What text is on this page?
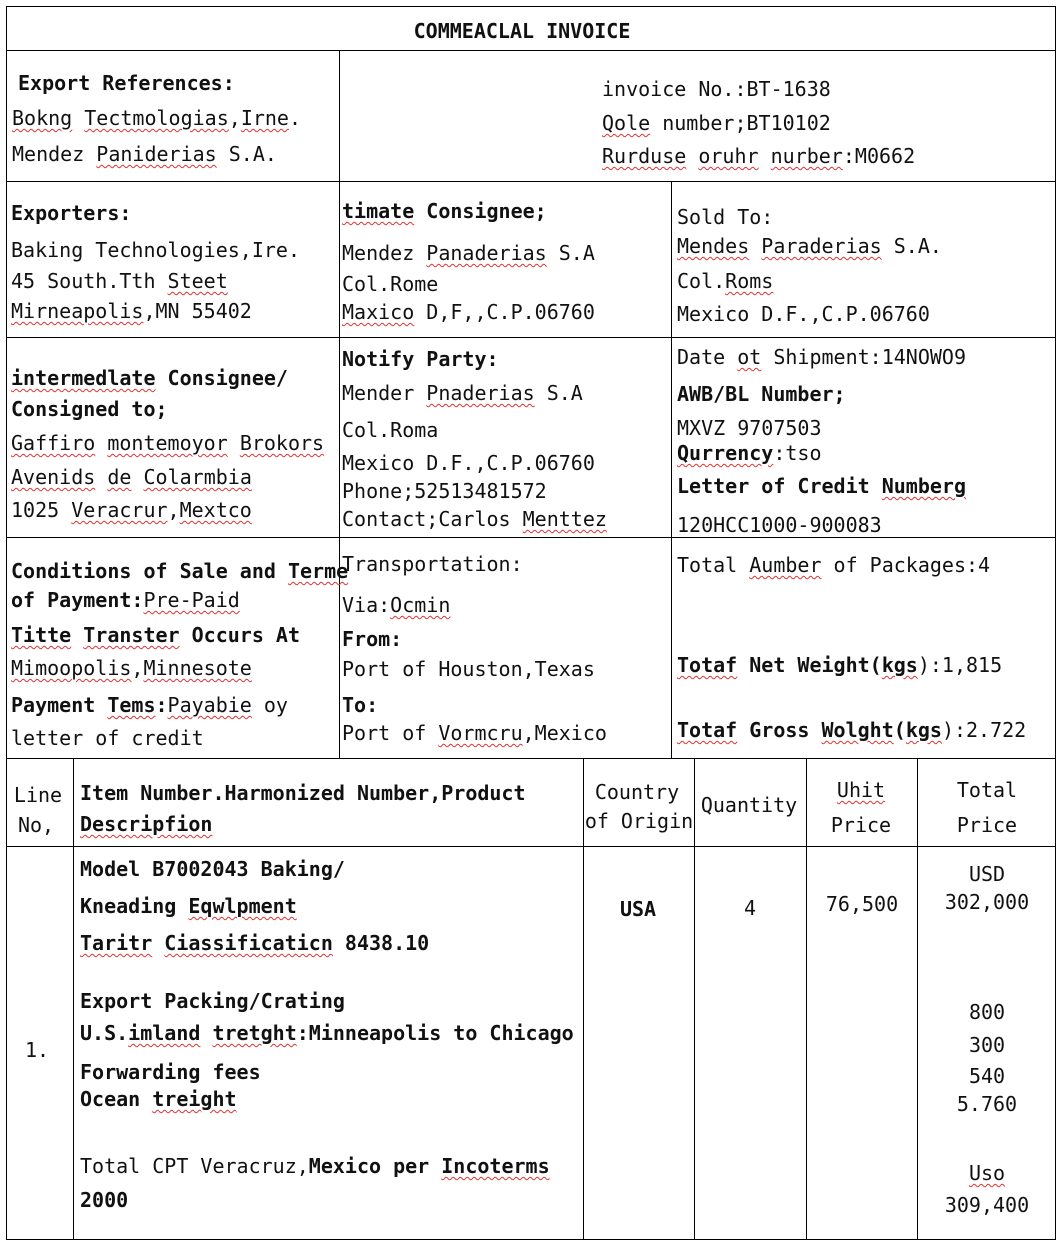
COMMEACLAL INVOICE
Export References:
Bokng Tectmologias,Irne.
Mendez Paniderias S.A.
invoice No.:BT-1638
Qole number;BT10102
Rurduse oruhr nurber:M0662
Exporters:
Baking Technologies,Ire.
45 South.Tth Steet
Mirneapolis,MN 55402
timate Consignee;
Mendez Panaderias S.A
Col.Rome
Maxico D,F,,C.P.06760
Sold To:
Mendes Paraderias S.A.
Col.Roms
Mexico D.F.,C.P.06760
intermedlate Consignee/
Consigned to;
Gaffiro montemoyor Brokors
Avenids de Colarmbia
1025 Veracrur,Mextco
Notify Party:
Mender Pnaderias S.A
Col.Roma
Mexico D.F.,C.P.06760
Phone;52513481572
Contact;Carlos Menttez
Date ot Shipment:14NOWO9
AWB/BL Number;
MXVZ 9707503
Qurrency:tso
Letter of Credit Numberg
120HCC1000-900083
Conditions of Sale and Terme
of Payment:Pre-Paid
Titte Transter Occurs At
Mimoopolis,Minnesote
Payment Tems:Payabie oy
letter of credit
Transportation:
Via:Ocmin
From:
Port of Houston,Texas
To:
Port of Vormcru,Mexico
Total Aumber of Packages:4
Totaf Net Weight(kgs):1,815
Totaf Gross Wolght(kgs):2.722
Line
No,
Item Number.Harmonized Number,Product
Descripfion
Country
of Origin
Quantity
Uhit
Price
Total
Price
1.
Model B7002043 Baking/
Kneading Eqwlpment
Taritr Ciassificaticn 8438.10
Export Packing/Crating
U.S.imland tretght:Minneapolis to Chicago
Forwarding fees
Ocean treight
Total CPT Veracruz,Mexico per Incoterms
2000
USA	4	76,500
USD
302,000
800
300
540
5.760
Uso
309,400
